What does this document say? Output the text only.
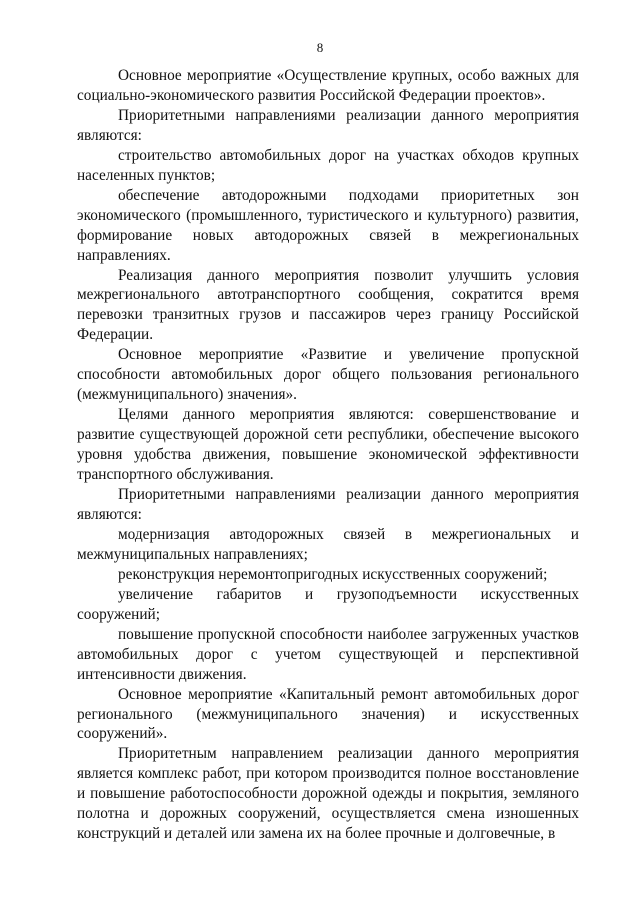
8

Основное мероприятие «Осуществление крупных, особо важных для социально-экономического развития Российской Федерации проектов».

Приоритетными направлениями реализации данного мероприятия являются:

строительство автомобильных дорог на участках обходов крупных населенных пунктов;

обеспечение автодорожными подходами приоритетных зон экономического (промышленного, туристического и культурного) развития, формирование новых автодорожных связей в межрегиональных направлениях.

Реализация данного мероприятия позволит улучшить условия межрегионального автотранспортного сообщения, сократится время перевозки транзитных грузов и пассажиров через границу Российской Федерации.

Основное мероприятие «Развитие и увеличение пропускной способности автомобильных дорог общего пользования регионального (межмуниципального) значения».

Целями данного мероприятия являются: совершенствование и развитие существующей дорожной сети республики, обеспечение высокого уровня удобства движения, повышение экономической эффективности транспортного обслуживания.

Приоритетными направлениями реализации данного мероприятия являются:

модернизация автодорожных связей в межрегиональных и межмуниципальных направлениях;

реконструкция неремонтопригодных искусственных сооружений;

увеличение габаритов и грузоподъемности искусственных сооружений;

повышение пропускной способности наиболее загруженных участков автомобильных дорог с учетом существующей и перспективной интенсивности движения.

Основное мероприятие «Капитальный ремонт автомобильных дорог регионального (межмуниципального значения) и искусственных сооружений».

Приоритетным направлением реализации данного мероприятия является комплекс работ, при котором производится полное восстановление и повышение работоспособности дорожной одежды и покрытия, земляного полотна и дорожных сооружений, осуществляется смена изношенных конструкций и деталей или замена их на более прочные и долговечные, в
